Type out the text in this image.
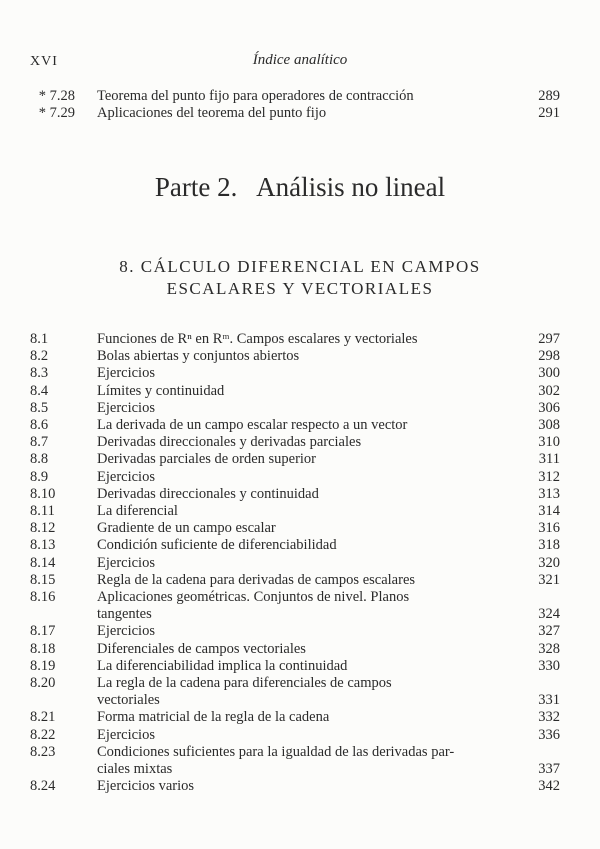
XVI	Índice analítico
* 7.28	Teorema del punto fijo para operadores de contracción	289
* 7.29	Aplicaciones del teorema del punto fijo	291
Parte 2.   Análisis no lineal
8. CÁLCULO DIFERENCIAL EN CAMPOS
ESCALARES Y VECTORIALES
8.1	Funciones de Rⁿ en Rᵐ. Campos escalares y vectoriales	297
8.2	Bolas abiertas y conjuntos abiertos	298
8.3	Ejercicios	300
8.4	Límites y continuidad	302
8.5	Ejercicios	306
8.6	La derivada de un campo escalar respecto a un vector	308
8.7	Derivadas direccionales y derivadas parciales	310
8.8	Derivadas parciales de orden superior	311
8.9	Ejercicios	312
8.10	Derivadas direccionales y continuidad	313
8.11	La diferencial	314
8.12	Gradiente de un campo escalar	316
8.13	Condición suficiente de diferenciabilidad	318
8.14	Ejercicios	320
8.15	Regla de la cadena para derivadas de campos escalares	321
8.16	Aplicaciones geométricas. Conjuntos de nivel. Planos
tangentes	324
8.17	Ejercicios	327
8.18	Diferenciales de campos vectoriales	328
8.19	La diferenciabilidad implica la continuidad	330
8.20	La regla de la cadena para diferenciales de campos
vectoriales	331
8.21	Forma matricial de la regla de la cadena	332
8.22	Ejercicios	336
8.23	Condiciones suficientes para la igualdad de las derivadas par-
ciales mixtas	337
8.24	Ejercicios varios	342
